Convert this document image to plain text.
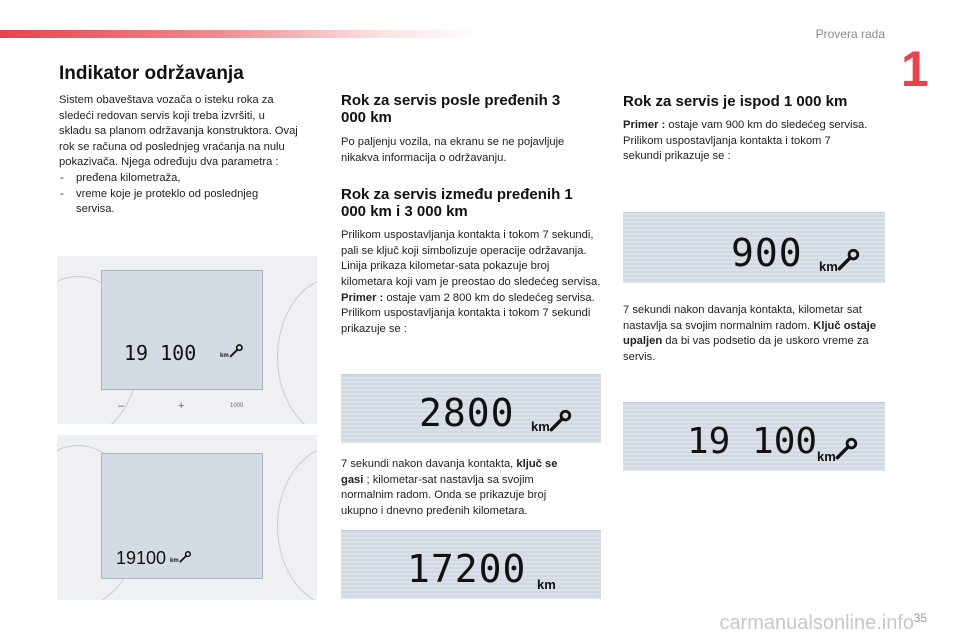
Provera rada
1
Indikator održavanja

Sistem obaveštava vozača o isteku roka za sledeći redovan servis koji treba izvršiti, u skladu sa planom održavanja konstruktora. Ovaj rok se računa od poslednjeg vraćanja na nulu pokazivača. Njega određuju dva parametra :

- pređena kilometraža,
- vreme koje je proteklo od poslednjeg servisa.
19 100	km
–	+	1000
19100 km
Rok za servis posle pređenih 3 000 km

Po paljenju vozila, na ekranu se ne pojavljuje nikakva informacija o održavanju.

Rok za servis između pređenih 1 000 km i 3 000 km

Prilikom uspostavljanja kontakta i tokom 7 sekundi, pali se ključ koji simbolizuje operacije održavanja. Linija prikaza kilometar-sata pokazuje broj kilometara koji vam je preostao do sledećeg servisa.

Primer : ostaje vam 2 800 km do sledećeg servisa.

Prilikom uspostavljanja kontakta i tokom 7 sekundi prikazuje se :

2800 km

7 sekundi nakon davanja kontakta, ključ se gasi ; kilometar-sat nastavlja sa svojim normalnim radom. Onda se prikazuje broj ukupno i dnevno pređenih kilometara.

17200 km
Rok za servis je ispod 1 000 km

Primer : ostaje vam 900 km do sledećeg servisa.

Prilikom uspostavljanja kontakta i tokom 7 sekundi prikazuje se :

900 km

7 sekundi nakon davanja kontakta, kilometar sat nastavlja sa svojim normalnim radom. Ključ ostaje upaljen da bi vas podsetio da je uskoro vreme za servis.

19 100 km
35
carmanualsonline.info
